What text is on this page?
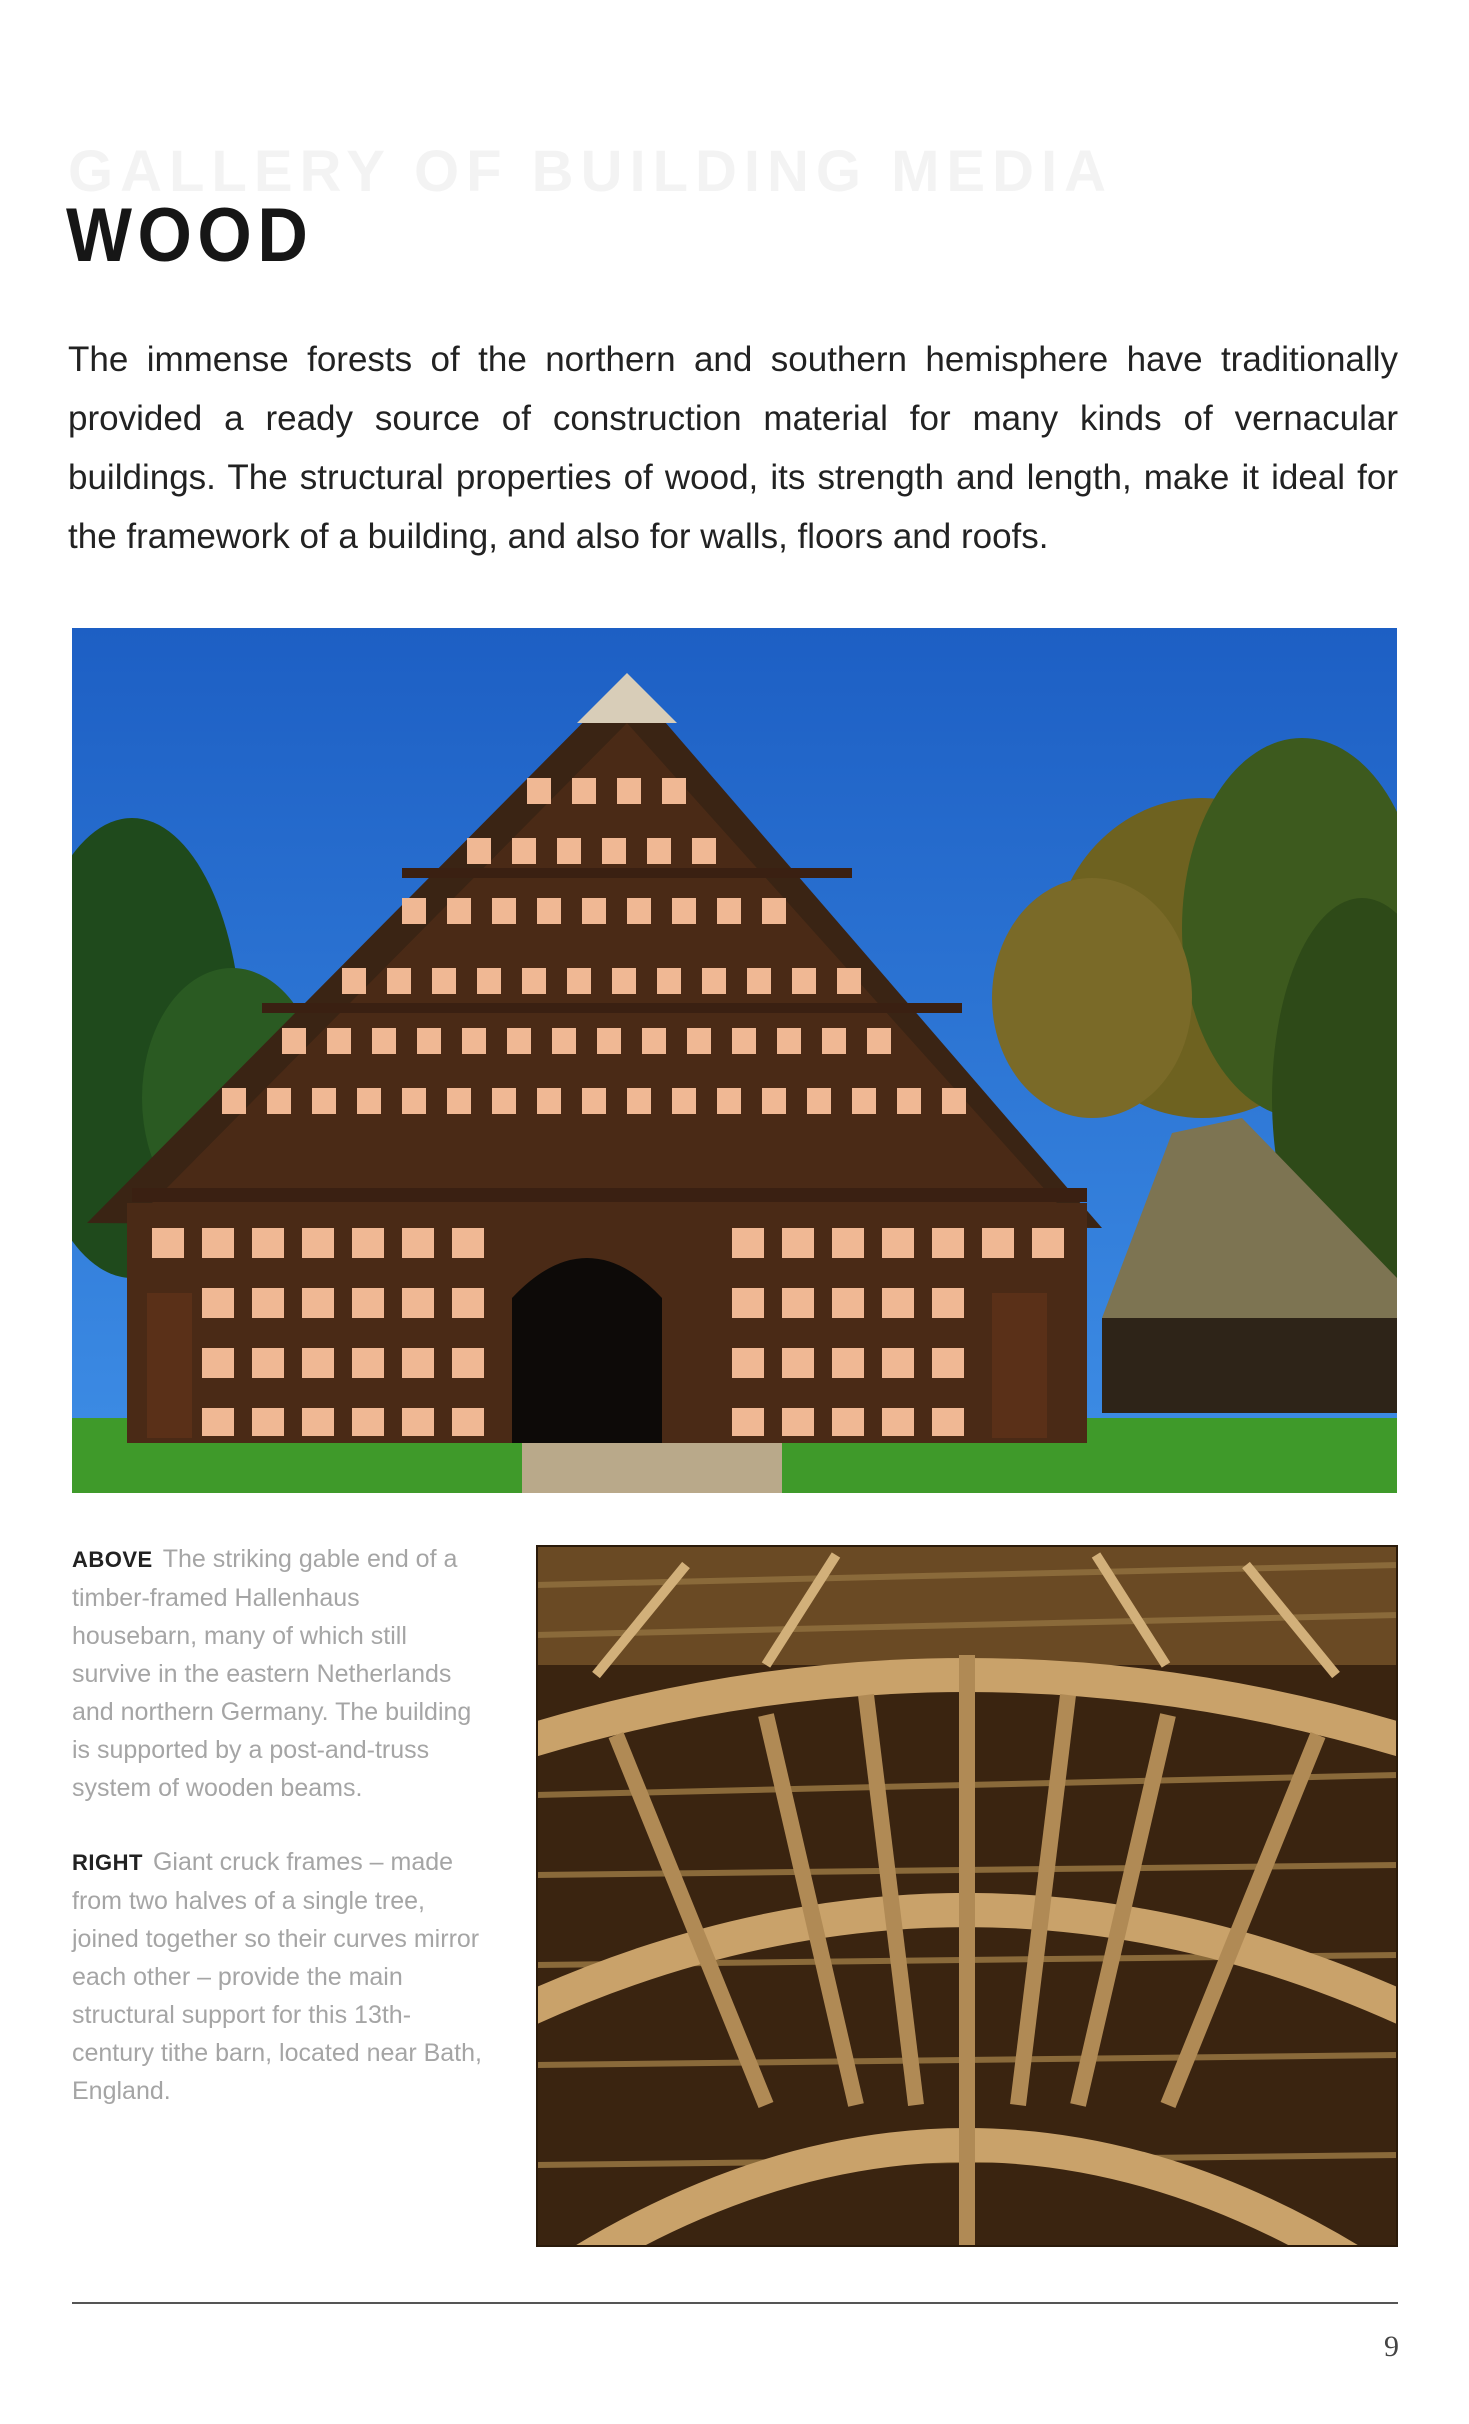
GALLERY OF BUILDING MEDIA
WOOD

The immense forests of the northern and southern hemisphere have traditionally provided a ready source of construction material for many kinds of vernacular buildings. The structural properties of wood, its strength and length, make it ideal for the framework of a building, and also for walls, floors and roofs.

ABOVE The striking gable end of a timber-framed Hallenhaus housebarn, many of which still survive in the eastern Netherlands and northern Germany. The building is supported by a post-and-truss system of wooden beams.

RIGHT Giant cruck frames – made from two halves of a single tree, joined together so their curves mirror each other – provide the main structural support for this 13th-century tithe barn, located near Bath, England.

9
